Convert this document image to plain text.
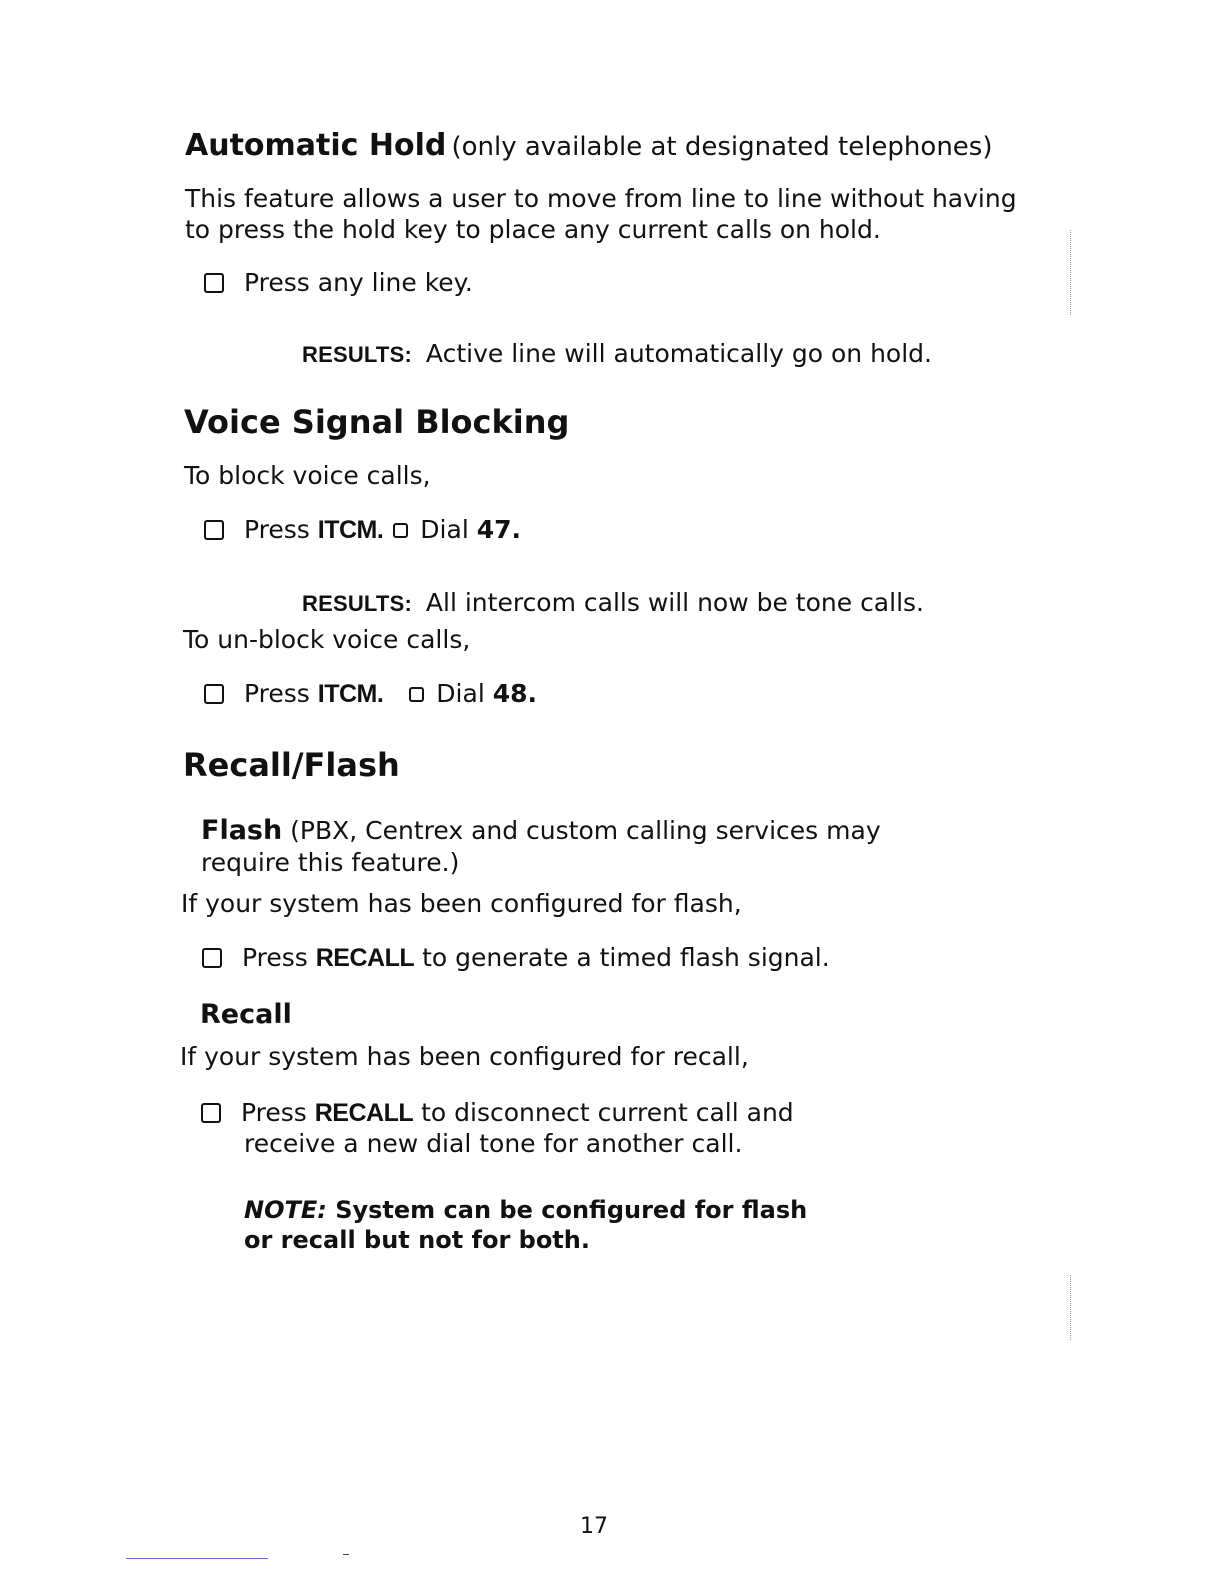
Automatic Hold (only available at designated telephones)
This feature allows a user to move from line to line without having
to press the hold key to place any current calls on hold.
Press any line key.
RESULTS: Active line will automatically go on hold.
Voice Signal Blocking
To block voice calls,
Press ITCM. Dial 47.
RESULTS: All intercom calls will now be tone calls.
To un-block voice calls,
Press ITCM. Dial 48.
Recall/Flash
Flash (PBX, Centrex and custom calling services may
require this feature.)
If your system has been configured for flash,
Press RECALL to generate a timed flash signal.
Recall
If your system has been configured for recall,
Press RECALL to disconnect current call and
receive a new dial tone for another call.
NOTE: System can be configured for flash
or recall but not for both.
17
